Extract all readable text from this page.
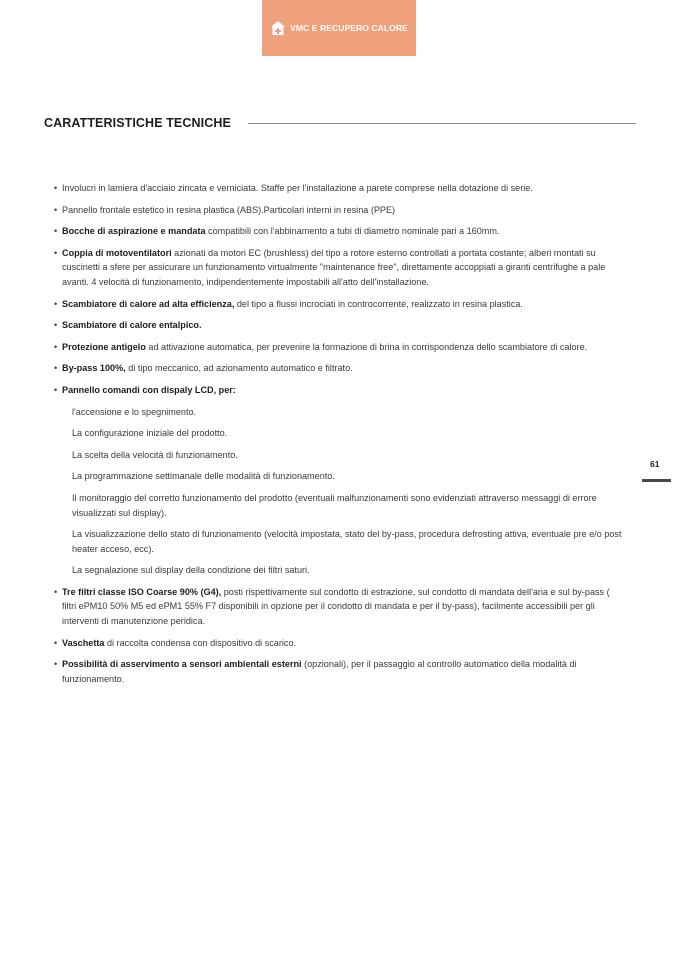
VMC E RECUPERO CALORE
CARATTERISTICHE TECNICHE
• Involucri in lamiera d'acciaio zincata e verniciata. Staffe per l'installazione a parete comprese nella dotazione di serie.
• Pannello frontale estetico in resina plastica (ABS).Particolari interni in resina (PPE)
• Bocche di aspirazione e mandata compatibili con l'abbinamento a tubi di diametro nominale pari a 160mm.
• Coppia di motoventilatori azionati da motori EC (brushless) del tipo a rotore esterno controllati a portata costante; alberi montati su cuscinetti a sfere per assicurare un funzionamento virtualmente "maintenance free", direttamente accoppiati a giranti centrifughe a pale avanti. 4 velocità di funzionamento, indipendentemente impostabili all'atto dell'installazione.
• Scambiatore di calore ad alta efficienza, del tipo a flussi incrociati in controcorrente, realizzato in resina plastica.
• Scambiatore di calore entalpico.
• Protezione antigelo ad attivazione automatica, per prevenire la formazione di brina in corrispondenza dello scambiatore di calore.
• By-pass 100%, di tipo meccanico, ad azionamento automatico e filtrato.
• Pannello comandi con dispaly LCD, per:
l'accensione e lo spegnimento.
La configurazione iniziale del prodotto.
La scelta della velocità di funzionamento.
La programmazione settimanale delle modalità di funzionamento.
Il monitoraggio del corretto funzionamento del prodotto (eventuali malfunzionamenti sono evidenziati attraverso messaggi di errore visualizzati sul display).
La visualizzazione dello stato di funzionamento (velocità impostata, stato del by-pass, procedura defrosting attiva, eventuale pre e/o post heater acceso, ecc).
La segnalazione sul display della condizione dei filtri saturi.
• Tre filtri classe ISO Coarse 90% (G4), posti rispettivamente sul condotto di estrazione, sul condotto di mandata dell'aria e sul by-pass ( filtri ePM10 50% M5 ed ePM1 55% F7 disponibili in opzione per il condotto di mandata e per il by-pass), facilmente accessibili per gli interventi di manutenzione peridica.
• Vaschetta di raccolta condensa con dispositivo di scarico.
• Possibilità di asservimento a sensori ambientali esterni (opzionali), per il passaggio al controllo automatico della modalità di funzionamento.
61
